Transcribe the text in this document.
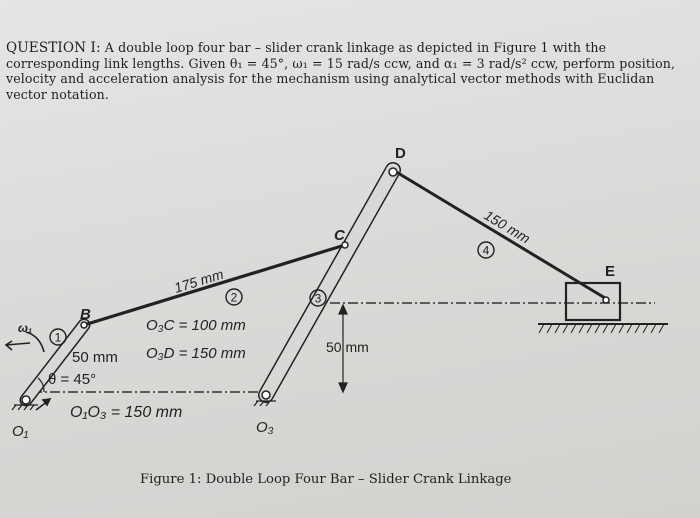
QUESTION I: A double loop four bar – slider crank linkage as depicted in Figure 1 with the corresponding link lengths. Given θ₁ = 45°, ω₁ = 15 rad/s ccw, and α₁ = 3 rad/s² ccw, perform position, velocity and acceleration analysis for the mechanism using analytical vector methods with Euclidan vector notation.
1
2	3
4
O₁	O₃
B
C
D
E
ω₁
175 mm
150 mm
O₃C = 100 mm
O₃D = 150 mm
50 mm
θ = 45°
O₁O₃ = 150 mm
50 mm
Figure 1: Double Loop Four Bar – Slider Crank Linkage
